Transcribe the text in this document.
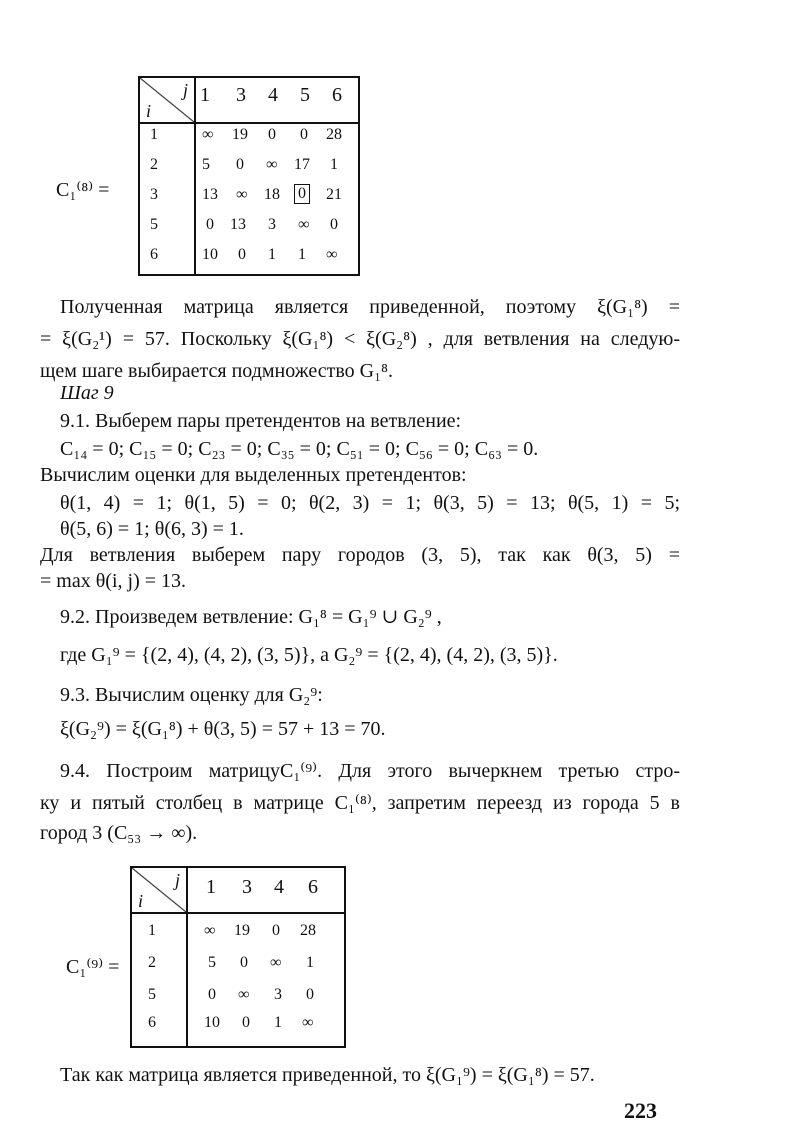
C₁⁽⁸⁾ =
j
i
1 3 4 5 6
1
2
3
5
6
∞ 19 0 0 28
5 0 ∞ 17 1
13 ∞ 18 0 21
0 13 3 ∞ 0
10 0 1 1 ∞

Полученная матрица является приведенной, поэтому ξ(G₁⁸) =

= ξ(G₂¹) = 57. Поскольку ξ(G₁⁸) < ξ(G₂⁸) , для ветвления на следую-

щем шаге выбирается подмножество G₁⁸.

Шаг 9

9.1. Выберем пары претендентов на ветвление:

C₁₄ = 0; C₁₅ = 0; C₂₃ = 0; C₃₅ = 0; C₅₁ = 0; C₅₆ = 0; C₆₃ = 0.

Вычислим оценки для выделенных претендентов:

θ(1, 4) = 1; θ(1, 5) = 0; θ(2, 3) = 1; θ(3, 5) = 13; θ(5, 1) = 5;

θ(5, 6) = 1; θ(6, 3) = 1.

Для ветвления выберем пару городов (3, 5), так как θ(3, 5) =

= max θ(i, j) = 13.

9.2. Произведем ветвление: G₁⁸ = G₁⁹ ∪ G₂⁹ ,

где G₁⁹ = {(2, 4), (4, 2), (3, 5)}, а G₂⁹ = {(2, 4), (4, 2), (3, 5)}.

9.3. Вычислим оценку для G₂⁹:

ξ(G₂⁹) = ξ(G₁⁸) + θ(3, 5) = 57 + 13 = 70.

9.4. Построим матрицуC₁⁽⁹⁾. Для этого вычеркнем третью стро-

ку и пятый столбец в матрице C₁⁽⁸⁾, запретим переезд из города 5 в

город 3 (C₅₃ → ∞).

C₁⁽⁹⁾ =
j
i
1 3 4 6
1
2
5
6
∞ 19 0 28
5 0 ∞ 1
0 ∞ 3 0
10 0 1 ∞

Так как матрица является приведенной, то ξ(G₁⁹) = ξ(G₁⁸) = 57.

223
